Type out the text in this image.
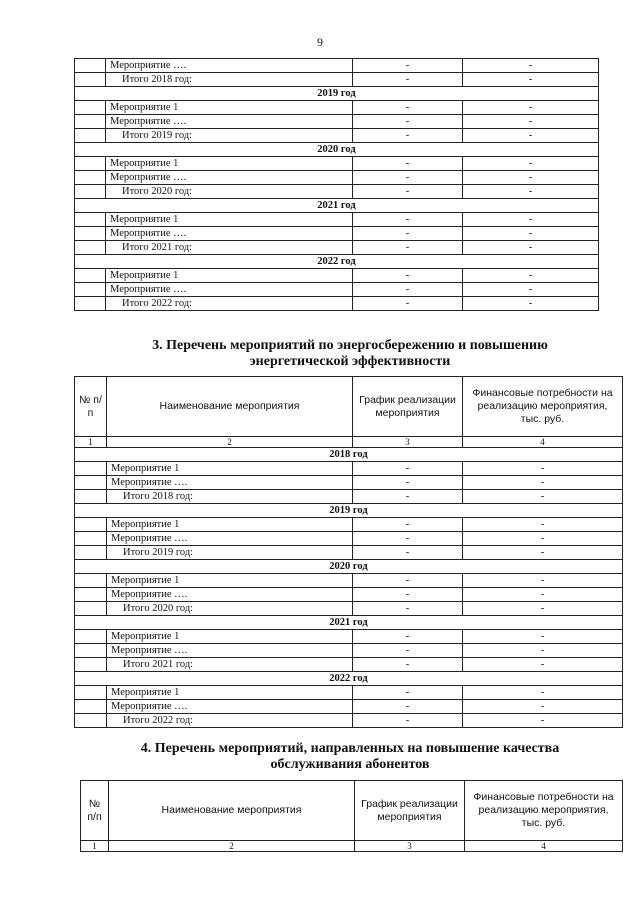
9
	Мероприятие ….	-	-
	Итого 2018 год:	-	-
2019 год			
	Мероприятие 1	-	-
	Мероприятие ….	-	-
	Итого 2019 год:	-	-
2020 год			
	Мероприятие 1	-	-
	Мероприятие ….	-	-
	Итого 2020 год:	-	-
2021 год			
	Мероприятие 1	-	-
	Мероприятие ….	-	-
	Итого 2021 год:	-	-
2022 год			
	Мероприятие 1	-	-
	Мероприятие ….	-	-
	Итого 2022 год:	-	-
3. Перечень мероприятий по энергосбережению и повышению
энергетической эффективности
№ п/п	Наименование мероприятия	График реализации мероприятия	Финансовые потребности на реализацию мероприятия, тыс. руб.
1	2	3	4
2018 год			
	Мероприятие 1	-	-
	Мероприятие ….	-	-
	Итого 2018 год:	-	-
2019 год			
	Мероприятие 1	-	-
	Мероприятие ….	-	-
	Итого 2019 год:	-	-
2020 год			
	Мероприятие 1	-	-
	Мероприятие ….	-	-
	Итого 2020 год:	-	-
2021 год			
	Мероприятие 1	-	-
	Мероприятие ….	-	-
	Итого 2021 год:	-	-
2022 год			
	Мероприятие 1	-	-
	Мероприятие ….	-	-
	Итого 2022 год:	-	-
4. Перечень мероприятий, направленных на повышение качества
обслуживания абонентов
№ п/п	Наименование мероприятия	График реализации мероприятия	Финансовые потребности на реализацию мероприятия, тыс. руб.
1	2	3	4
